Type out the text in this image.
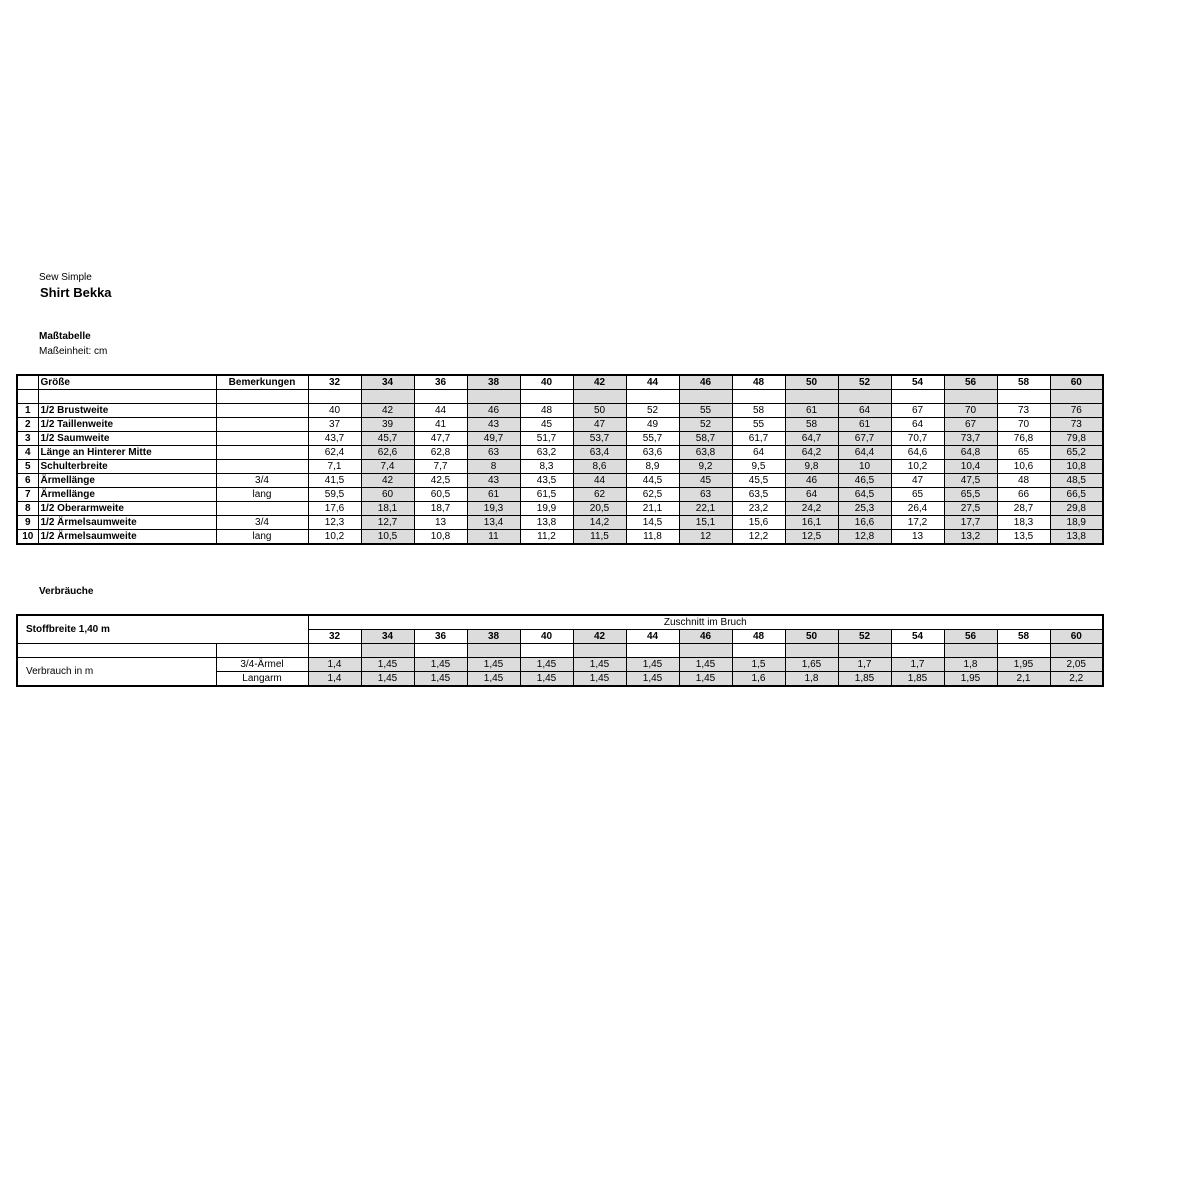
Sew Simple
Shirt Bekka
Maßtabelle
Maßeinheit: cm
	Größe	Bemerkungen	32	34	36	38	40	42	44	46	48	50	52	54	56	58	60

1	1/2 Brustweite		40	42	44	46	48	50	52	55	58	61	64	67	70	73	76
2	1/2 Taillenweite		37	39	41	43	45	47	49	52	55	58	61	64	67	70	73
3	1/2 Saumweite		43,7	45,7	47,7	49,7	51,7	53,7	55,7	58,7	61,7	64,7	67,7	70,7	73,7	76,8	79,8
4	Länge an Hinterer Mitte		62,4	62,6	62,8	63	63,2	63,4	63,6	63,8	64	64,2	64,4	64,6	64,8	65	65,2
5	Schulterbreite		7,1	7,4	7,7	8	8,3	8,6	8,9	9,2	9,5	9,8	10	10,2	10,4	10,6	10,8
6	Ärmellänge	3/4	41,5	42	42,5	43	43,5	44	44,5	45	45,5	46	46,5	47	47,5	48	48,5
7	Ärmellänge	lang	59,5	60	60,5	61	61,5	62	62,5	63	63,5	64	64,5	65	65,5	66	66,5
8	1/2 Oberarmweite		17,6	18,1	18,7	19,3	19,9	20,5	21,1	22,1	23,2	24,2	25,3	26,4	27,5	28,7	29,8
9	1/2 Ärmelsaumweite	3/4	12,3	12,7	13	13,4	13,8	14,2	14,5	15,1	15,6	16,1	16,6	17,2	17,7	18,3	18,9
10	1/2 Ärmelsaumweite	lang	10,2	10,5	10,8	11	11,2	11,5	11,8	12	12,2	12,5	12,8	13	13,2	13,5	13,8
Verbräuche
Stoffbreite 1,40 m		Zuschnitt im Bruch														
		32	34	36	38	40	42	44	46	48	50	52	54	56	58	60

Verbrauch in m	3/4-Ärmel	1,4	1,45	1,45	1,45	1,45	1,45	1,45	1,45	1,5	1,65	1,7	1,7	1,8	1,95	2,05
	Langarm	1,4	1,45	1,45	1,45	1,45	1,45	1,45	1,45	1,6	1,8	1,85	1,85	1,95	2,1	2,2
